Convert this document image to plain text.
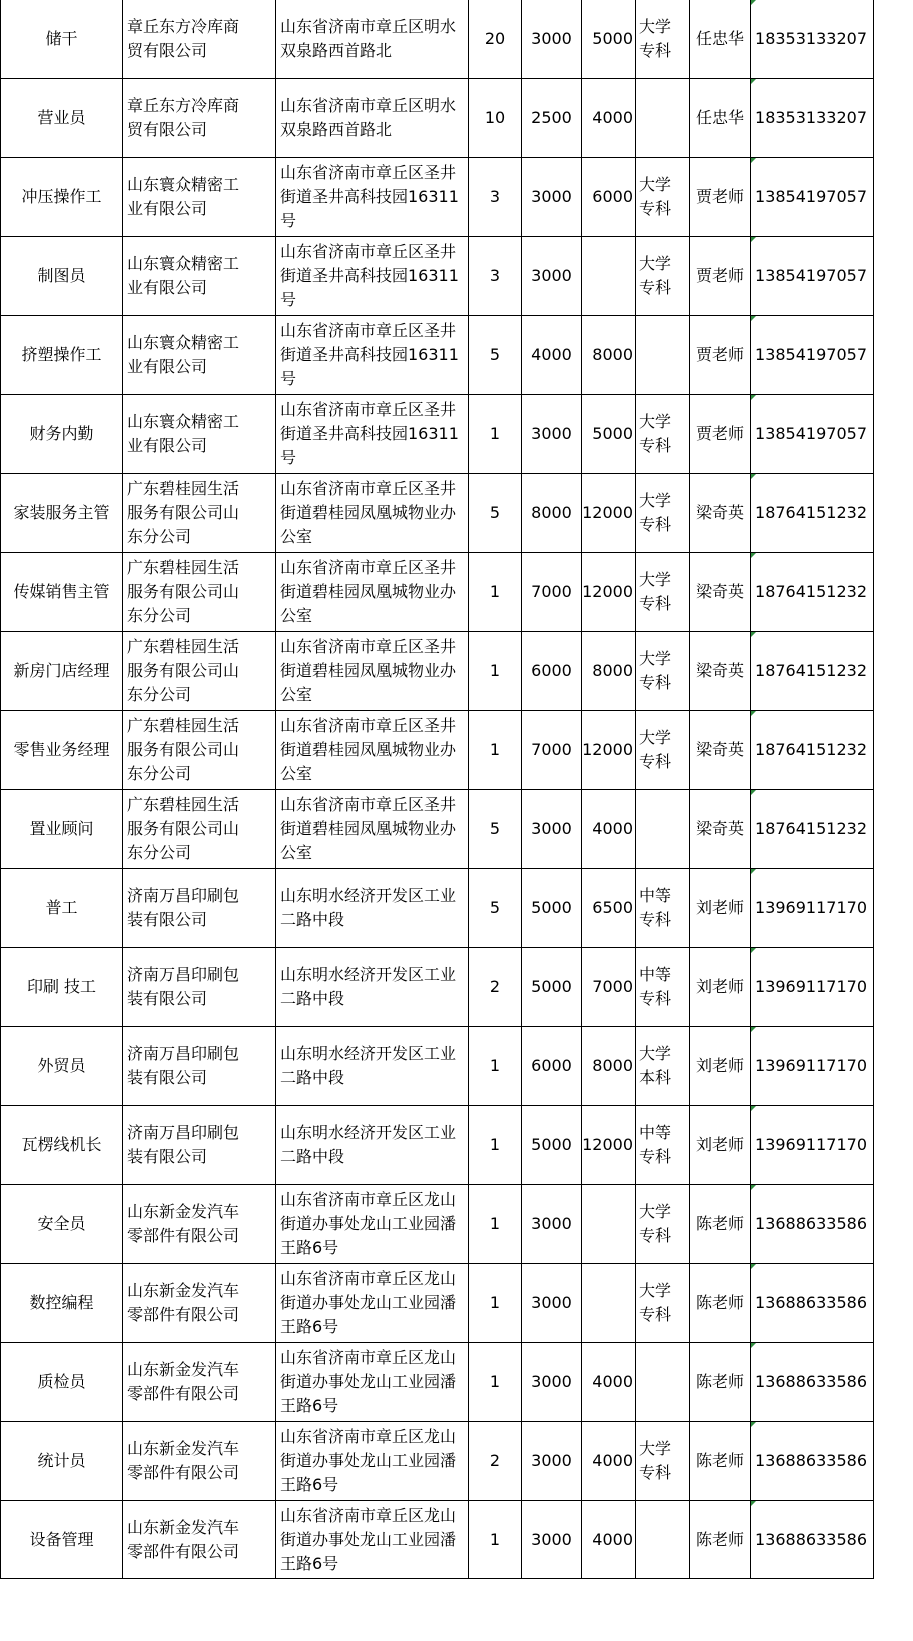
储干	章丘东方冷库商贸有限公司	山东省济南市章丘区明水双泉路西首路北	20	3000	5000	大学专科	任忠华	18353133207
营业员	章丘东方冷库商贸有限公司	山东省济南市章丘区明水双泉路西首路北	10	2500	4000		任忠华	18353133207
冲压操作工	山东寰众精密工业有限公司	山东省济南市章丘区圣井街道圣井高科技园16311号	3	3000	6000	大学专科	贾老师	13854197057
制图员	山东寰众精密工业有限公司	山东省济南市章丘区圣井街道圣井高科技园16311号	3	3000		大学专科	贾老师	13854197057
挤塑操作工	山东寰众精密工业有限公司	山东省济南市章丘区圣井街道圣井高科技园16311号	5	4000	8000		贾老师	13854197057
财务内勤	山东寰众精密工业有限公司	山东省济南市章丘区圣井街道圣井高科技园16311号	1	3000	5000	大学专科	贾老师	13854197057
家装服务主管	广东碧桂园生活服务有限公司山东分公司	山东省济南市章丘区圣井街道碧桂园凤凰城物业办公室	5	8000	12000	大学专科	梁奇英	18764151232
传媒销售主管	广东碧桂园生活服务有限公司山东分公司	山东省济南市章丘区圣井街道碧桂园凤凰城物业办公室	1	7000	12000	大学专科	梁奇英	18764151232
新房门店经理	广东碧桂园生活服务有限公司山东分公司	山东省济南市章丘区圣井街道碧桂园凤凰城物业办公室	1	6000	8000	大学专科	梁奇英	18764151232
零售业务经理	广东碧桂园生活服务有限公司山东分公司	山东省济南市章丘区圣井街道碧桂园凤凰城物业办公室	1	7000	12000	大学专科	梁奇英	18764151232
置业顾问	广东碧桂园生活服务有限公司山东分公司	山东省济南市章丘区圣井街道碧桂园凤凰城物业办公室	5	3000	4000		梁奇英	18764151232
普工	济南万昌印刷包装有限公司	山东明水经济开发区工业二路中段	5	5000	6500	中等专科	刘老师	13969117170
印刷 技工	济南万昌印刷包装有限公司	山东明水经济开发区工业二路中段	2	5000	7000	中等专科	刘老师	13969117170
外贸员	济南万昌印刷包装有限公司	山东明水经济开发区工业二路中段	1	6000	8000	大学本科	刘老师	13969117170
瓦楞线机长	济南万昌印刷包装有限公司	山东明水经济开发区工业二路中段	1	5000	12000	中等专科	刘老师	13969117170
安全员	山东新金发汽车零部件有限公司	山东省济南市章丘区龙山街道办事处龙山工业园潘王路6号	1	3000		大学专科	陈老师	13688633586
数控编程	山东新金发汽车零部件有限公司	山东省济南市章丘区龙山街道办事处龙山工业园潘王路6号	1	3000		大学专科	陈老师	13688633586
质检员	山东新金发汽车零部件有限公司	山东省济南市章丘区龙山街道办事处龙山工业园潘王路6号	1	3000	4000		陈老师	13688633586
统计员	山东新金发汽车零部件有限公司	山东省济南市章丘区龙山街道办事处龙山工业园潘王路6号	2	3000	4000	大学专科	陈老师	13688633586
设备管理	山东新金发汽车零部件有限公司	山东省济南市章丘区龙山街道办事处龙山工业园潘王路6号	1	3000	4000		陈老师	13688633586
